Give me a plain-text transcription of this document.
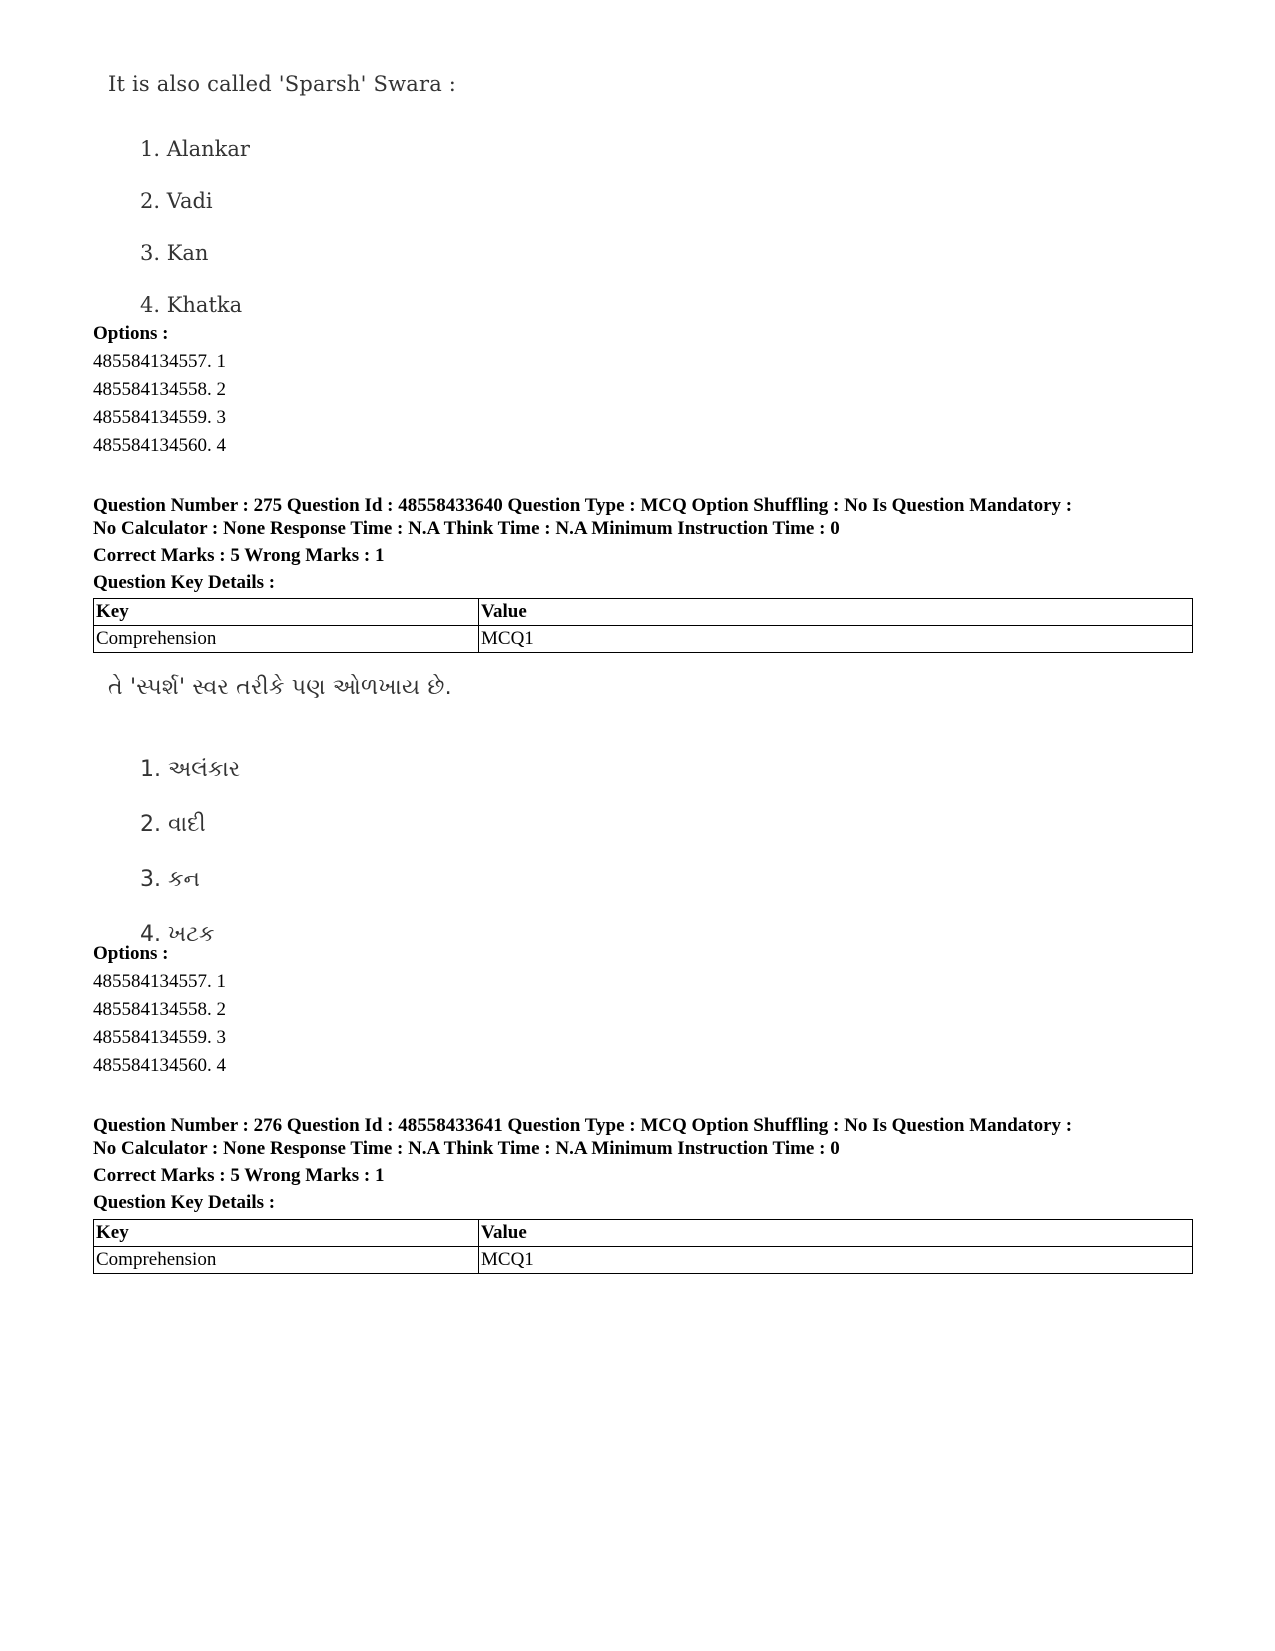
It is also called 'Sparsh' Swara :

1. Alankar
2. Vadi
3. Kan
4. Khatka
Options :
485584134557. 1
485584134558. 2
485584134559. 3
485584134560. 4
Question Number : 275 Question Id : 48558433640 Question Type : MCQ Option Shuffling : No Is Question Mandatory :
No Calculator : None Response Time : N.A Think Time : N.A Minimum Instruction Time : 0
Correct Marks : 5 Wrong Marks : 1
Question Key Details :
Key	Value
Comprehension	MCQ1

તે 'સ્પર્શ' સ્વર તરીકે પણ ઓળખાય છે.

1. અલંકાર
2. વાદી
3. કન
4. ખટક
Options :
485584134557. 1
485584134558. 2
485584134559. 3
485584134560. 4
Question Number : 276 Question Id : 48558433641 Question Type : MCQ Option Shuffling : No Is Question Mandatory :
No Calculator : None Response Time : N.A Think Time : N.A Minimum Instruction Time : 0
Correct Marks : 5 Wrong Marks : 1
Question Key Details :
Key	Value
Comprehension	MCQ1
